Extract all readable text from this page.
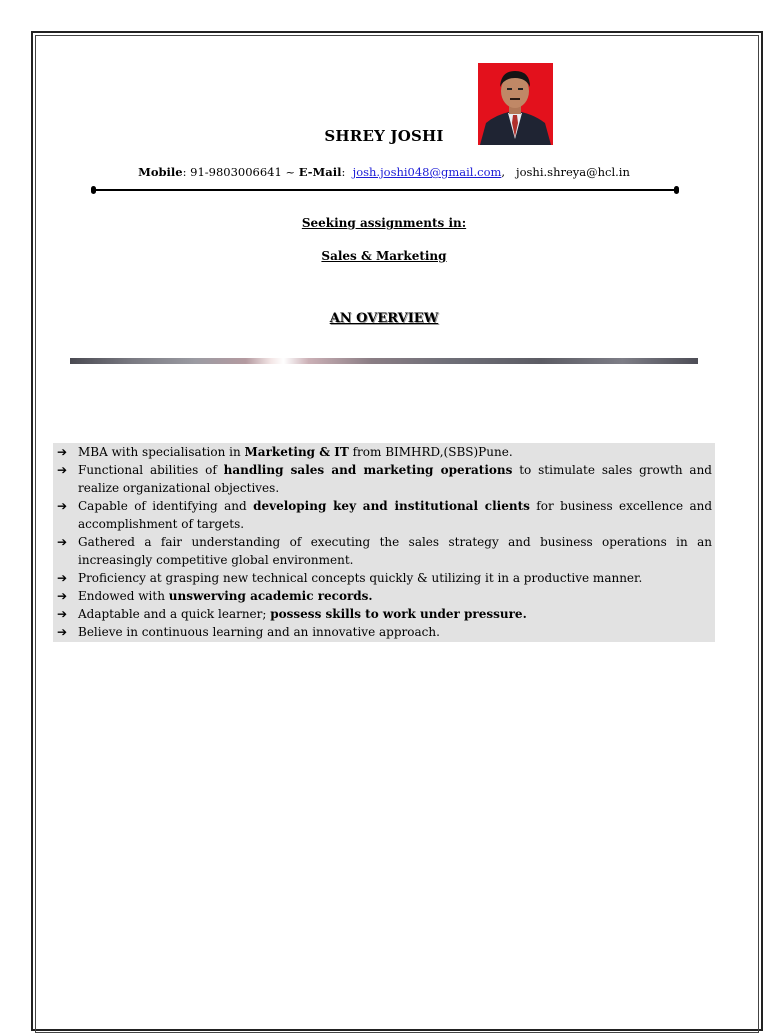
SHREY JOSHI
Mobile: 91-9803006641 ~ E-Mail: josh.joshi048@gmail.com, joshi.shreya@hcl.in
Seeking assignments in:
Sales & Marketing
AN OVERVIEW
➔ MBA with specialisation in Marketing & IT from BIMHRD,(SBS)Pune.
➔ Functional abilities of handling sales and marketing operations to stimulate sales growth and realize organizational objectives.
➔ Capable of identifying and developing key and institutional clients for business excellence and accomplishment of targets.
➔ Gathered a fair understanding of executing the sales strategy and business operations in an increasingly competitive global environment.
➔ Proficiency at grasping new technical concepts quickly & utilizing it in a productive manner.
➔ Endowed with unswerving academic records.
➔ Adaptable and a quick learner; possess skills to work under pressure.
➔ Believe in continuous learning and an innovative approach.
